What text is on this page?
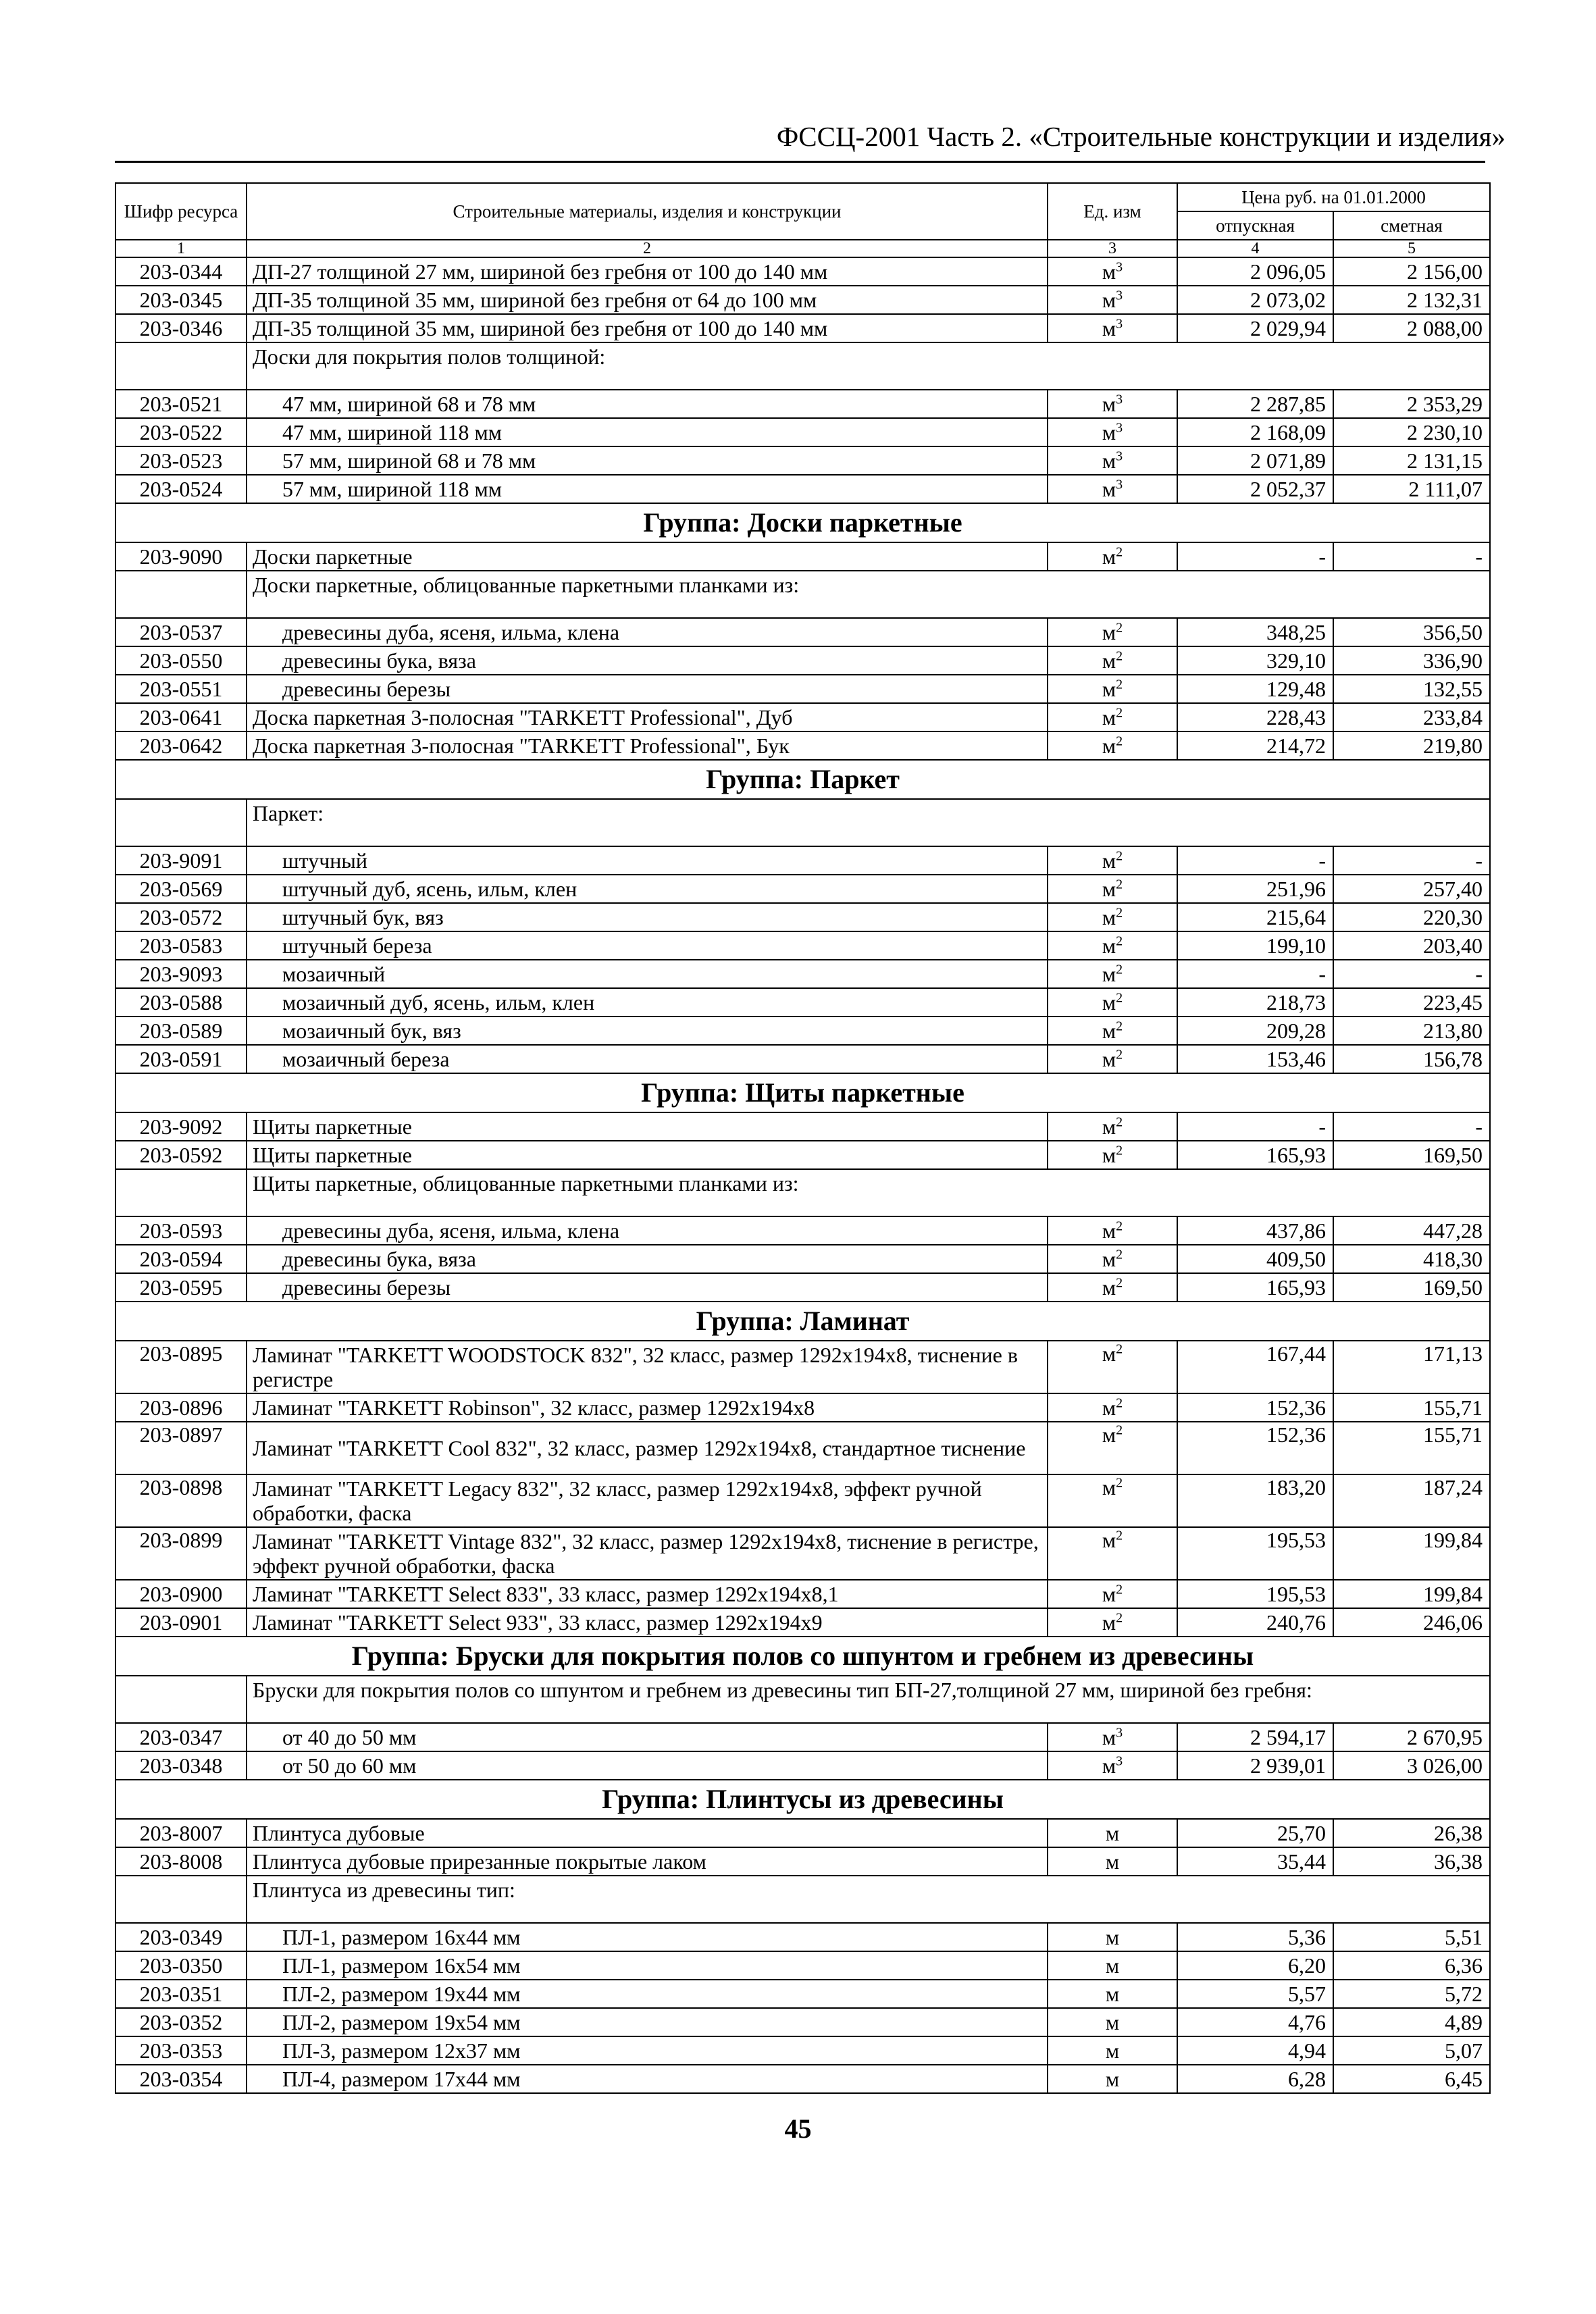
ФССЦ-2001 Часть 2. «Строительные конструкции и изделия»
Шифр ресурса	Строительные материалы, изделия и конструкции	Ед. изм	Цена руб. на 01.01.2000	
			отпускная	сметная
1	2	3	4	5
203-0344	ДП-27 толщиной 27 мм, шириной без гребня от 100 до 140 мм	$м^3$	2 096,05	2 156,00
203-0345	ДП-35 толщиной 35 мм, шириной без гребня от 64 до 100 мм	$м^3$	2 073,02	2 132,31
203-0346	ДП-35 толщиной 35 мм, шириной без гребня от 100 до 140 мм	$м^3$	2 029,94	2 088,00
	Доски для покрытия полов толщиной:			
203-0521	47 мм, шириной 68 и 78 мм	$м^3$	2 287,85	2 353,29
203-0522	47 мм, шириной 118 мм	$м^3$	2 168,09	2 230,10
203-0523	57 мм, шириной 68 и 78 мм	$м^3$	2 071,89	2 131,15
203-0524	57 мм, шириной 118 мм	$м^3$	2 052,37	2 111,07
Группа: Доски паркетные				
203-9090	Доски паркетные	$м^2$	-	-
	Доски паркетные, облицованные паркетными планками из:			
203-0537	древесины дуба, ясеня, ильма, клена	$м^2$	348,25	356,50
203-0550	древесины бука, вяза	$м^2$	329,10	336,90
203-0551	древесины березы	$м^2$	129,48	132,55
203-0641	Доска паркетная 3-полосная "TARKETT Professional", Дуб	$м^2$	228,43	233,84
203-0642	Доска паркетная 3-полосная "TARKETT Professional", Бук	$м^2$	214,72	219,80
Группа: Паркет				
	Паркет:			
203-9091	штучный	$м^2$	-	-
203-0569	штучный дуб, ясень, ильм, клен	$м^2$	251,96	257,40
203-0572	штучный бук, вяз	$м^2$	215,64	220,30
203-0583	штучный береза	$м^2$	199,10	203,40
203-9093	мозаичный	$м^2$	-	-
203-0588	мозаичный дуб, ясень, ильм, клен	$м^2$	218,73	223,45
203-0589	мозаичный бук, вяз	$м^2$	209,28	213,80
203-0591	мозаичный береза	$м^2$	153,46	156,78
Группа: Щиты паркетные				
203-9092	Щиты паркетные	$м^2$	-	-
203-0592	Щиты паркетные	$м^2$	165,93	169,50
	Щиты паркетные, облицованные паркетными планками из:			
203-0593	древесины дуба, ясеня, ильма, клена	$м^2$	437,86	447,28
203-0594	древесины бука, вяза	$м^2$	409,50	418,30
203-0595	древесины березы	$м^2$	165,93	169,50
Группа: Ламинат				
203-0895	Ламинат "TARKETT WOODSTOCK 832", 32 класс, размер 1292x194x8, тиснение в регистре	$м^2$	167,44	171,13
203-0896	Ламинат "TARKETT Robinson", 32 класс, размер 1292x194x8	$м^2$	152,36	155,71
203-0897	Ламинат "TARKETT Cool 832", 32 класс, размер 1292x194x8, стандартное тиснение	$м^2$	152,36	155,71
203-0898	Ламинат "TARKETT Legacy 832", 32 класс, размер 1292x194x8, эффект ручной обработки, фаска	$м^2$	183,20	187,24
203-0899	Ламинат "TARKETT Vintage 832", 32 класс, размер 1292x194x8, тиснение в регистре, эффект ручной обработки, фаска	$м^2$	195,53	199,84
203-0900	Ламинат "TARKETT Select 833", 33 класс, размер 1292x194x8,1	$м^2$	195,53	199,84
203-0901	Ламинат "TARKETT Select 933", 33 класс, размер 1292x194x9	$м^2$	240,76	246,06
Группа: Бруски для покрытия полов со шпунтом и гребнем из древесины				
	Бруски для покрытия полов со шпунтом и гребнем из древесины тип БП-27,толщиной 27 мм, шириной без гребня:			
203-0347	от 40 до 50 мм	$м^3$	2 594,17	2 670,95
203-0348	от 50 до 60 мм	$м^3$	2 939,01	3 026,00
Группа: Плинтусы из древесины				
203-8007	Плинтуса дубовые	м	25,70	26,38
203-8008	Плинтуса дубовые прирезанные покрытые лаком	м	35,44	36,38
	Плинтуса из древесины тип:			
203-0349	ПЛ-1, размером 16x44 мм	м	5,36	5,51
203-0350	ПЛ-1, размером 16x54 мм	м	6,20	6,36
203-0351	ПЛ-2, размером 19x44 мм	м	5,57	5,72
203-0352	ПЛ-2, размером 19x54 мм	м	4,76	4,89
203-0353	ПЛ-3, размером 12x37 мм	м	4,94	5,07
203-0354	ПЛ-4, размером 17x44 мм	м	6,28	6,45
45
